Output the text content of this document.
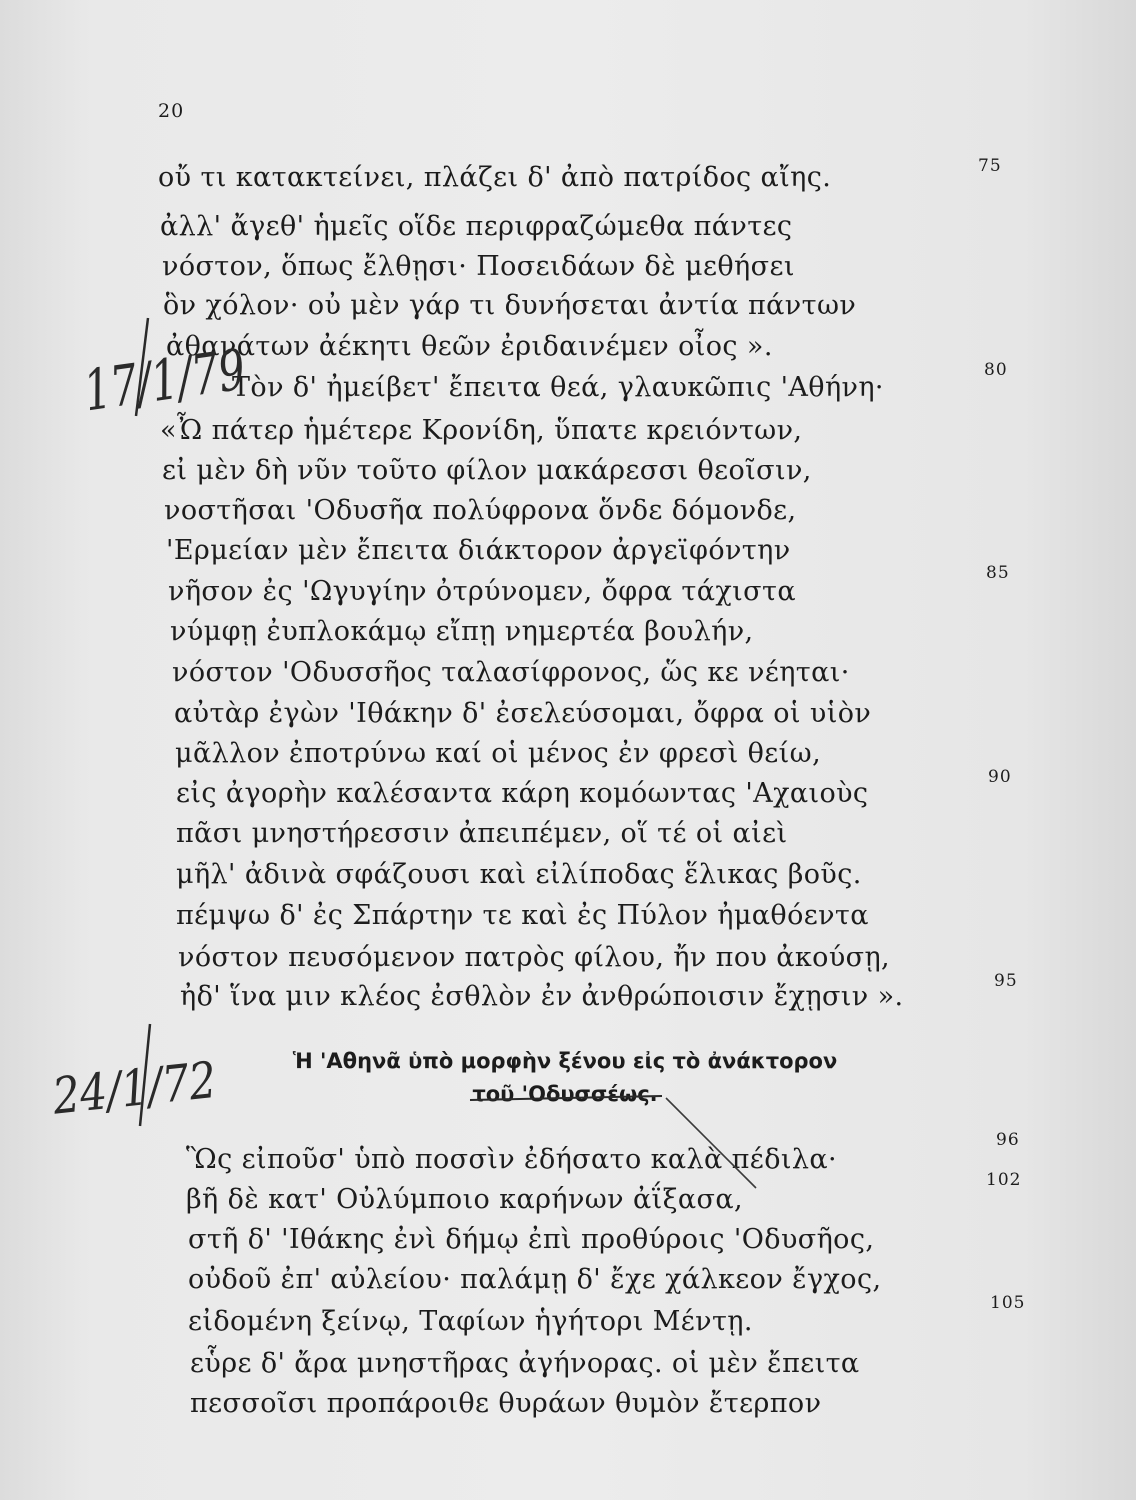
20
οὔ τι κατακτείνει, πλάζει δ' ἀπὸ πατρίδος αἴης.	75
ἀλλ' ἄγεθ' ἡμεῖς οἵδε περιφραζώμεθα πάντες
νόστον, ὅπως ἔλθῃσι· Ποσειδάων δὲ μεθήσει
ὃν χόλον· οὐ μὲν γάρ τι δυνήσεται ἀντία πάντων
ἀθανάτων ἀέκητι θεῶν ἐριδαινέμεν οἶος ».
Τὸν δ' ἠμείβετ' ἔπειτα θεά, γλαυκῶπις 'Αθήνη·
80
«Ὦ πάτερ ἡμέτερε Κρονίδη, ὕπατε κρειόντων,
εἰ μὲν δὴ νῦν τοῦτο φίλον μακάρεσσι θεοῖσιν,
νοστῆσαι 'Οδυσῆα πολύφρονα ὅνδε δόμονδε,
'Ερμείαν μὲν ἔπειτα διάκτορον ἀργεϊφόντην
νῆσον ἐς 'Ωγυγίην ὀτρύνομεν, ὄφρα τάχιστα
85
νύμφῃ ἐυπλοκάμῳ εἴπῃ νημερτέα βουλήν,
νόστον 'Οδυσσῆος ταλασίφρονος, ὥς κε νέηται·
αὐτὰρ ἐγὼν 'Ιθάκην δ' ἐσελεύσομαι, ὄφρα οἱ υἱὸν
μᾶλλον ἐποτρύνω καί οἱ μένος ἐν φρεσὶ θείω,
εἰς ἀγορὴν καλέσαντα κάρη κομόωντας 'Αχαιοὺς
90
πᾶσι μνηστήρεσσιν ἀπειπέμεν, οἵ τέ οἱ αἰεὶ
μῆλ' ἀδινὰ σφάζουσι καὶ εἰλίποδας ἕλικας βοῦς.
πέμψω δ' ἐς Σπάρτην τε καὶ ἐς Πύλον ἠμαθόεντα
νόστον πευσόμενον πατρὸς φίλου, ἤν που ἀκούσῃ,
ἠδ' ἵνα μιν κλέος ἐσθλὸν ἐν ἀνθρώποισιν ἔχῃσιν ».	95
Ἡ 'Αθηνᾶ ὑπὸ μορφὴν ξένου εἰς τὸ ἀνάκτορον
τοῦ 'Οδυσσέως.
Ὣς εἰποῦσ' ὑπὸ ποσσὶν ἐδήσατο καλὰ πέδιλα·
96
βῆ δὲ κατ' Οὐλύμποιο καρήνων ἀΐξασα,
102
στῆ δ' 'Ιθάκης ἐνὶ δήμῳ ἐπὶ προθύροις 'Οδυσῆος,
οὐδοῦ ἐπ' αὐλείου· παλάμῃ δ' ἔχε χάλκεον ἔγχος,
εἰδομένη ξείνῳ, Ταφίων ἡγήτορι Μέντῃ.
105
εὗρε δ' ἄρα μνηστῆρας ἀγήνορας. οἱ μὲν ἔπειτα
πεσσοῖσι προπάροιθε θυράων θυμὸν ἔτερπον
17/1/79
24/1/72
